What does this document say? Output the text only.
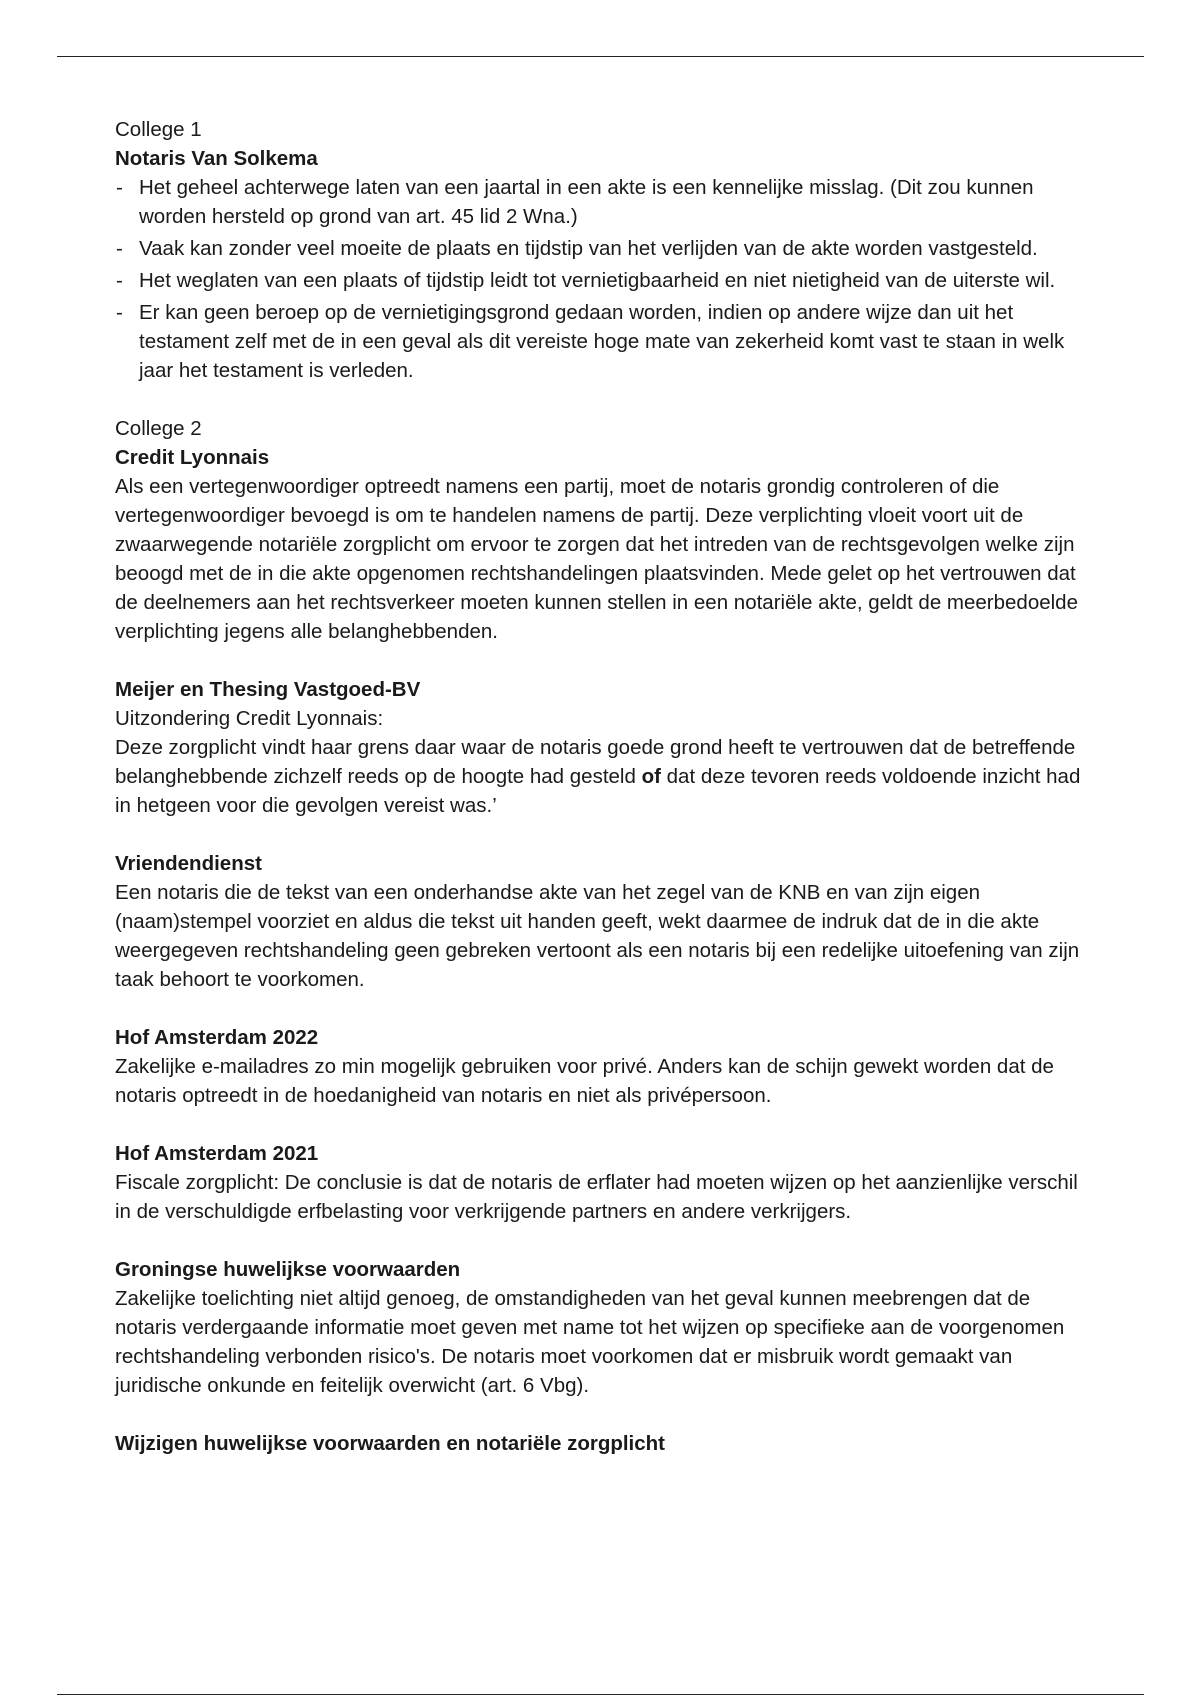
College 1
Notaris Van Solkema
- Het geheel achterwege laten van een jaartal in een akte is een kennelijke misslag. (Dit zou kunnen worden hersteld op grond van art. 45 lid 2 Wna.)
- Vaak kan zonder veel moeite de plaats en tijdstip van het verlijden van de akte worden vastgesteld.
- Het weglaten van een plaats of tijdstip leidt tot vernietigbaarheid en niet nietigheid van de uiterste wil.
- Er kan geen beroep op de vernietigingsgrond gedaan worden, indien op andere wijze dan uit het testament zelf met de in een geval als dit vereiste hoge mate van zekerheid komt vast te staan in welk jaar het testament is verleden.
College 2
Credit Lyonnais

Als een vertegenwoordiger optreedt namens een partij, moet de notaris grondig controleren of die vertegenwoordiger bevoegd is om te handelen namens de partij. Deze verplichting vloeit voort uit de zwaarwegende notariële zorgplicht om ervoor te zorgen dat het intreden van de rechtsgevolgen welke zijn beoogd met de in die akte opgenomen rechtshandelingen plaatsvinden. Mede gelet op het vertrouwen dat de deelnemers aan het rechtsverkeer moeten kunnen stellen in een notariële akte, geldt de meerbedoelde verplichting jegens alle belanghebbenden.

Meijer en Thesing Vastgoed-BV
Uitzondering Credit Lyonnais:

Deze zorgplicht vindt haar grens daar waar de notaris goede grond heeft te vertrouwen dat de betreffende belanghebbende zichzelf reeds op de hoogte had gesteld of dat deze tevoren reeds voldoende inzicht had in hetgeen voor die gevolgen vereist was.’

Vriendendienst

Een notaris die de tekst van een onderhandse akte van het zegel van de KNB en van zijn eigen (naam)stempel voorziet en aldus die tekst uit handen geeft, wekt daarmee de indruk dat de in die akte weergegeven rechtshandeling geen gebreken vertoont als een notaris bij een redelijke uitoefening van zijn taak behoort te voorkomen.

Hof Amsterdam 2022

Zakelijke e-mailadres zo min mogelijk gebruiken voor privé. Anders kan de schijn gewekt worden dat de notaris optreedt in de hoedanigheid van notaris en niet als privépersoon.

Hof Amsterdam 2021

Fiscale zorgplicht: De conclusie is dat de notaris de erflater had moeten wijzen op het aanzienlijke verschil in de verschuldigde erfbelasting voor verkrijgende partners en andere verkrijgers.

Groningse huwelijkse voorwaarden

Zakelijke toelichting niet altijd genoeg, de omstandigheden van het geval kunnen meebrengen dat de notaris verdergaande informatie moet geven met name tot het wijzen op specifieke aan de voorgenomen rechtshandeling verbonden risico's. De notaris moet voorkomen dat er misbruik wordt gemaakt van juridische onkunde en feitelijk overwicht (art. 6 Vbg).

Wijzigen huwelijkse voorwaarden en notariële zorgplicht
